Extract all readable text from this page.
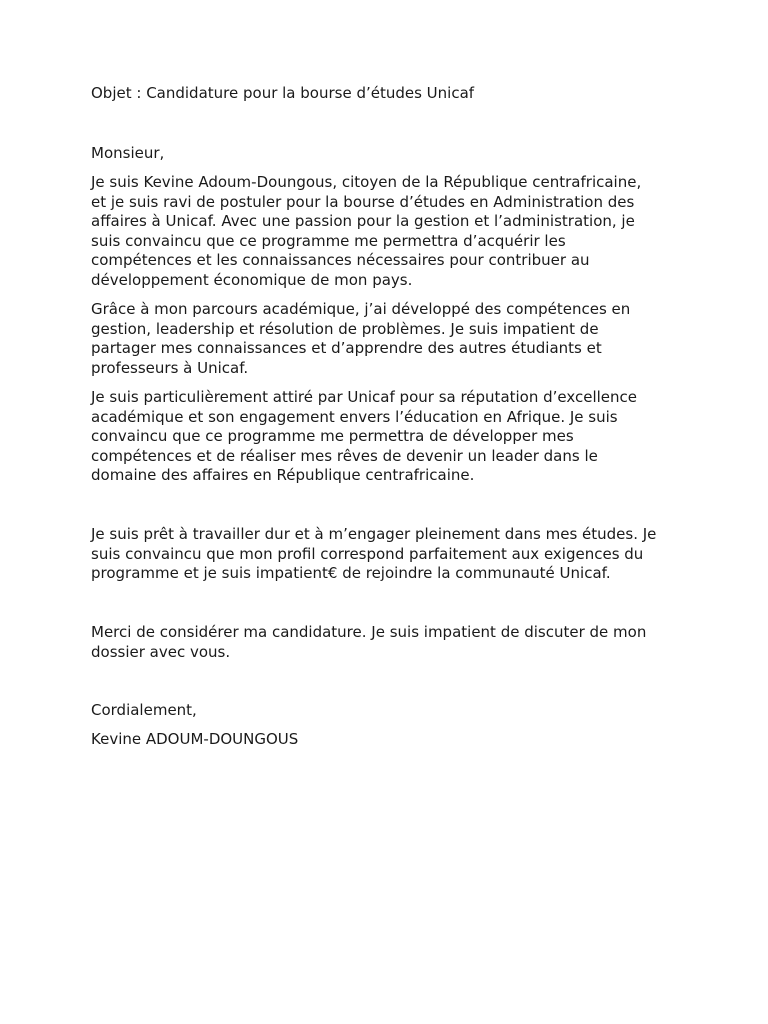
Objet : Candidature pour la bourse d’études Unicaf

Monsieur,

Je suis Kevine Adoum-Doungous, citoyen de la République centrafricaine,
et je suis ravi de postuler pour la bourse d’études en Administration des
affaires à Unicaf. Avec une passion pour la gestion et l’administration, je
suis convaincu que ce programme me permettra d’acquérir les
compétences et les connaissances nécessaires pour contribuer au
développement économique de mon pays.

Grâce à mon parcours académique, j’ai développé des compétences en
gestion, leadership et résolution de problèmes. Je suis impatient de
partager mes connaissances et d’apprendre des autres étudiants et
professeurs à Unicaf.

Je suis particulièrement attiré par Unicaf pour sa réputation d’excellence
académique et son engagement envers l’éducation en Afrique. Je suis
convaincu que ce programme me permettra de développer mes
compétences et de réaliser mes rêves de devenir un leader dans le
domaine des affaires en République centrafricaine.

Je suis prêt à travailler dur et à m’engager pleinement dans mes études. Je
suis convaincu que mon profil correspond parfaitement aux exigences du
programme et je suis impatient€ de rejoindre la communauté Unicaf.

Merci de considérer ma candidature. Je suis impatient de discuter de mon
dossier avec vous.

Cordialement,

Kevine ADOUM-DOUNGOUS
